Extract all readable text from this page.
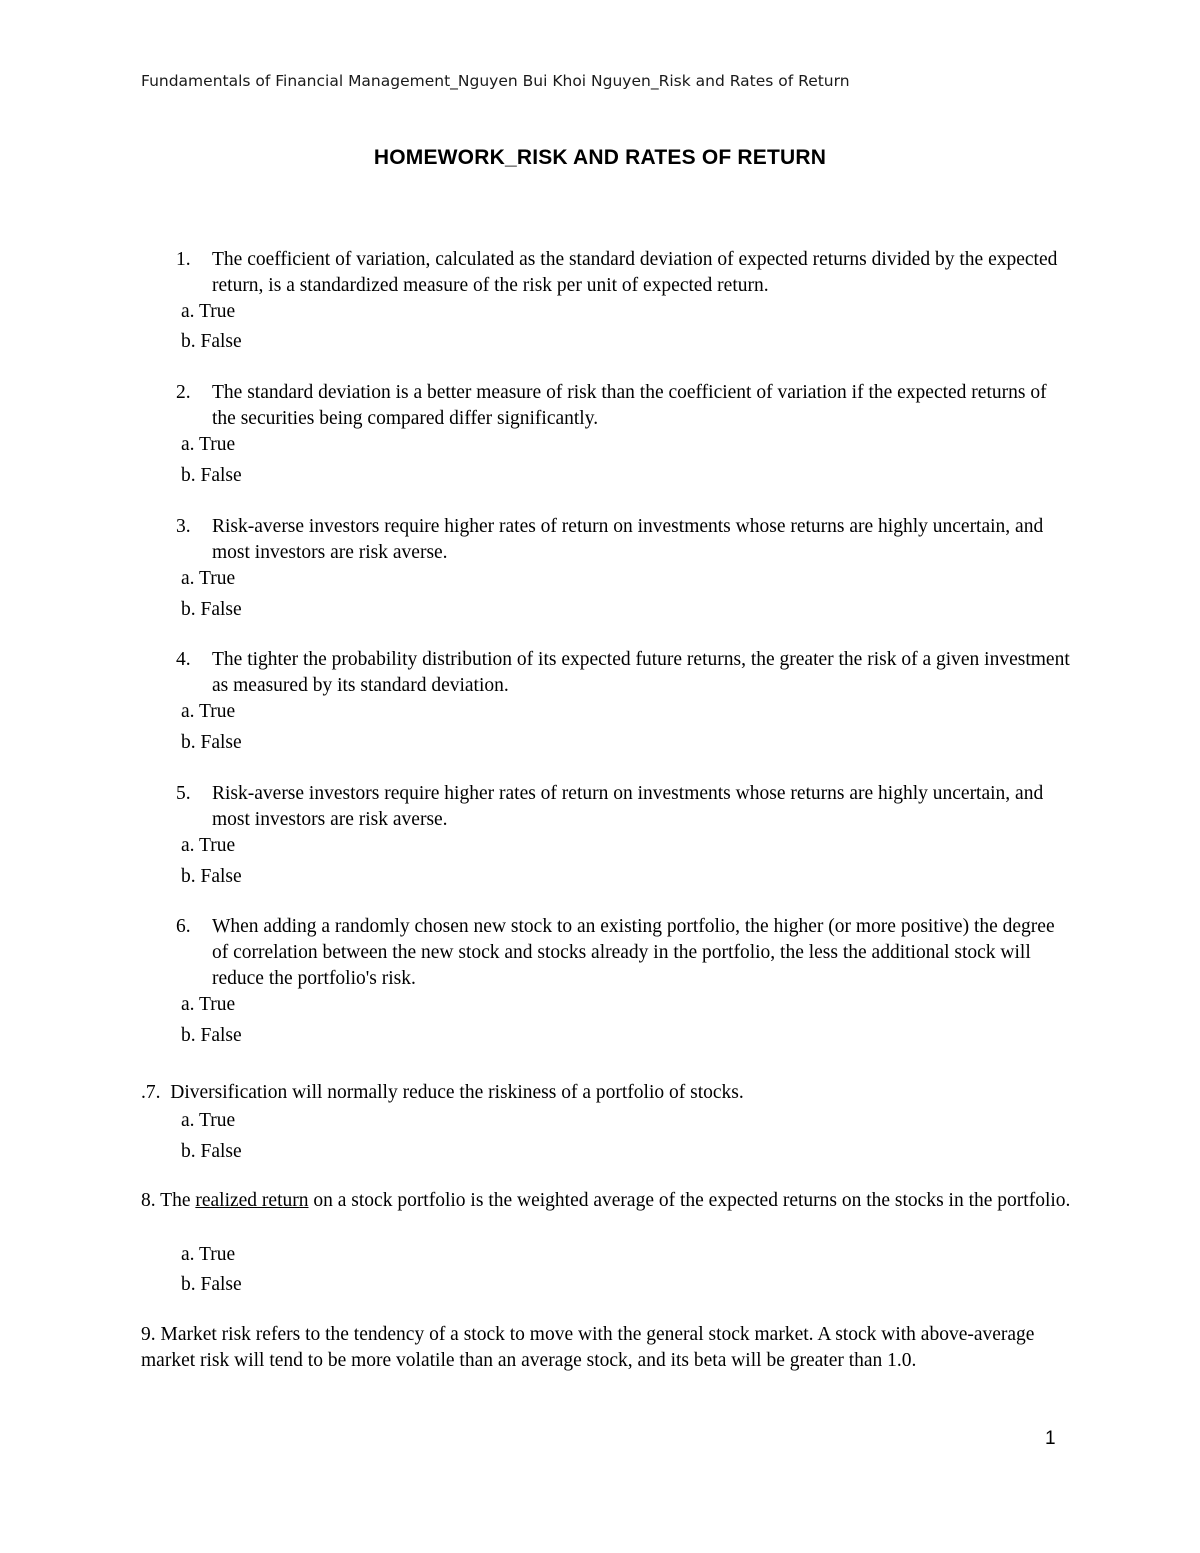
Fundamentals of Financial Management_Nguyen Bui Khoi Nguyen_Risk and Rates of Return
HOMEWORK_RISK AND RATES OF RETURN
1. The coefficient of variation, calculated as the standard deviation of expected returns divided by the expected return, is a standardized measure of the risk per unit of expected return.
a. True
b. False
2. The standard deviation is a better measure of risk than the coefficient of variation if the expected returns of the securities being compared differ significantly.
a. True
b. False
3. Risk-averse investors require higher rates of return on investments whose returns are highly uncertain, and most investors are risk averse.
a. True
b. False
4. The tighter the probability distribution of its expected future returns, the greater the risk of a given investment as measured by its standard deviation.
a. True
b. False
5. Risk-averse investors require higher rates of return on investments whose returns are highly uncertain, and most investors are risk averse.
a. True
b. False
6. When adding a randomly chosen new stock to an existing portfolio, the higher (or more positive) the degree of correlation between the new stock and stocks already in the portfolio, the less the additional stock will reduce the portfolio's risk.
a. True
b. False
.7. Diversification will normally reduce the riskiness of a portfolio of stocks.
a. True
b. False
8. The realized return on a stock portfolio is the weighted average of the expected returns on the stocks in the portfolio.
a. True
b. False
9. Market risk refers to the tendency of a stock to move with the general stock market. A stock with above-average market risk will tend to be more volatile than an average stock, and its beta will be greater than 1.0.
1
